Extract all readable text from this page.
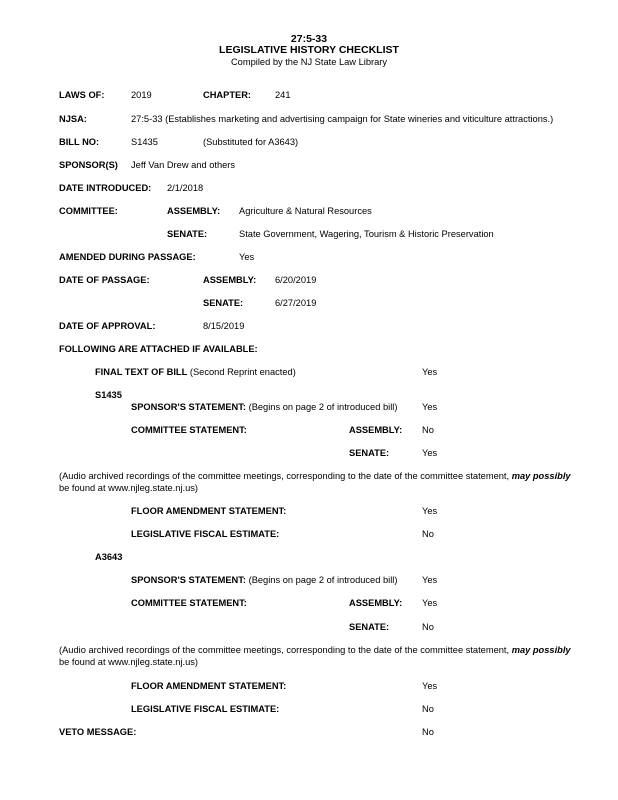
27:5-33
LEGISLATIVE HISTORY CHECKLIST
Compiled by the NJ State Law Library
LAWS OF:	2019	CHAPTER:	241
NJSA:	27:5-33 (Establishes marketing and advertising campaign for State wineries and viticulture attractions.)
BILL NO:	S1435	(Substituted for A3643)
SPONSOR(S) Jeff Van Drew and others
DATE INTRODUCED: 2/1/2018
COMMITTEE:	ASSEMBLY: Agriculture & Natural Resources
SENATE:	State Government, Wagering, Tourism & Historic Preservation
AMENDED DURING PASSAGE:	Yes
DATE OF PASSAGE:	ASSEMBLY: 6/20/2019
SENATE:	6/27/2019
DATE OF APPROVAL:	8/15/2019
FOLLOWING ARE ATTACHED IF AVAILABLE:
FINAL TEXT OF BILL (Second Reprint enacted)	Yes
S1435
SPONSOR'S STATEMENT: (Begins on page 2 of introduced bill)	Yes
COMMITTEE STATEMENT:	ASSEMBLY: No
SENATE:	Yes
(Audio archived recordings of the committee meetings, corresponding to the date of the committee statement, may possibly
be found at www.njleg.state.nj.us)
FLOOR AMENDMENT STATEMENT:	Yes
LEGISLATIVE FISCAL ESTIMATE:	No
A3643
SPONSOR'S STATEMENT: (Begins on page 2 of introduced bill)	Yes
COMMITTEE STATEMENT:	ASSEMBLY: Yes
SENATE:	No
(Audio archived recordings of the committee meetings, corresponding to the date of the committee statement, may possibly
be found at www.njleg.state.nj.us)
FLOOR AMENDMENT STATEMENT:	Yes
LEGISLATIVE FISCAL ESTIMATE:	No
VETO MESSAGE:	No
